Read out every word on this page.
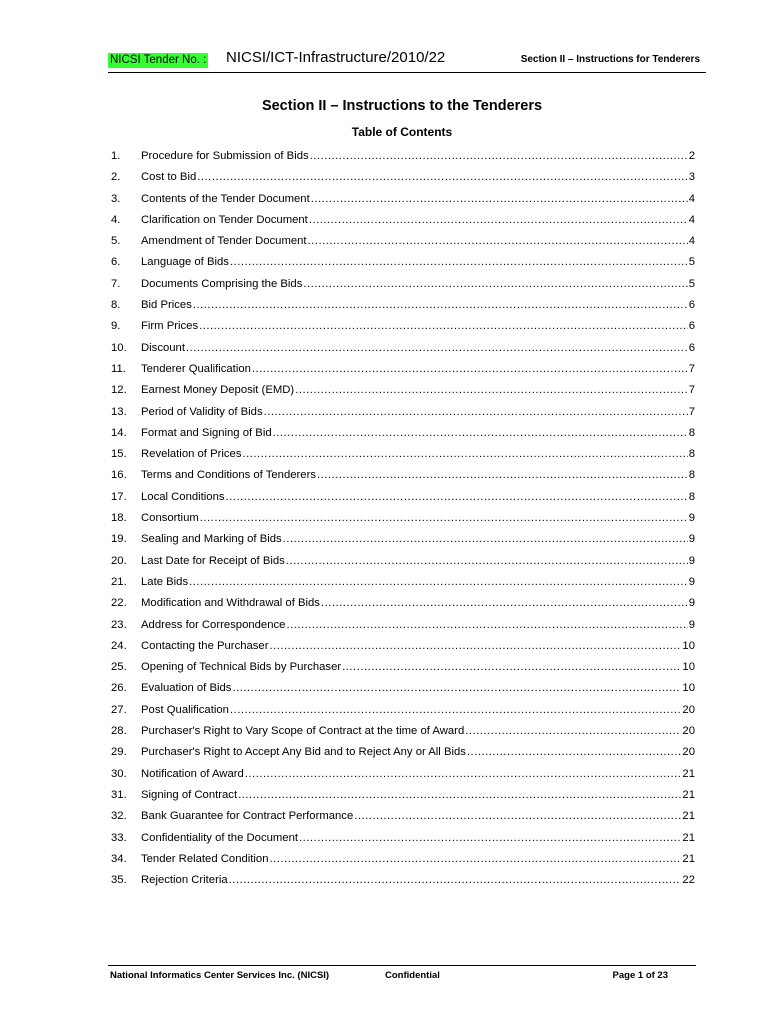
NICSI Tender No. : NICSI/ICT-Infrastructure/2010/22	Section II – Instructions for Tenderers
Section II – Instructions to the Tenderers
Table of Contents
1.	Procedure for Submission of Bids .....	2
2.	Cost to Bid .....	3
3.	Contents of the Tender Document .....	4
4.	Clarification on Tender Document .....	4
5.	Amendment of Tender Document .....	4
6.	Language of Bids .....	5
7.	Documents Comprising the Bids .....	5
8.	Bid Prices .....	6
9.	Firm Prices .....	6
10.	Discount .....	6
11.	Tenderer Qualification .....	7
12.	Earnest Money Deposit (EMD) .....	7
13.	Period of Validity of Bids .....	7
14.	Format and Signing of Bid .....	8
15.	Revelation of Prices .....	8
16.	Terms and Conditions of Tenderers .....	8
17.	Local Conditions .....	8
18.	Consortium .....	9
19.	Sealing and Marking of Bids .....	9
20.	Last Date for Receipt of Bids .....	9
21.	Late Bids .....	9
22.	Modification and Withdrawal of Bids .....	9
23.	Address for Correspondence .....	9
24.	Contacting the Purchaser .....	10
25.	Opening of Technical Bids by Purchaser .....	10
26.	Evaluation of Bids .....	10
27.	Post Qualification .....	20
28.	Purchaser's Right to Vary Scope of Contract at the time of Award .....	20
29.	Purchaser's Right to Accept Any Bid and to Reject Any or All Bids .....	20
30.	Notification of Award .....	21
31.	Signing of Contract .....	21
32.	Bank Guarantee for Contract Performance .....	21
33.	Confidentiality of the Document .....	21
34.	Tender Related Condition .....	21
35.	Rejection Criteria .....	22
National Informatics Center Services Inc. (NICSI)	Confidential	Page 1 of 23
